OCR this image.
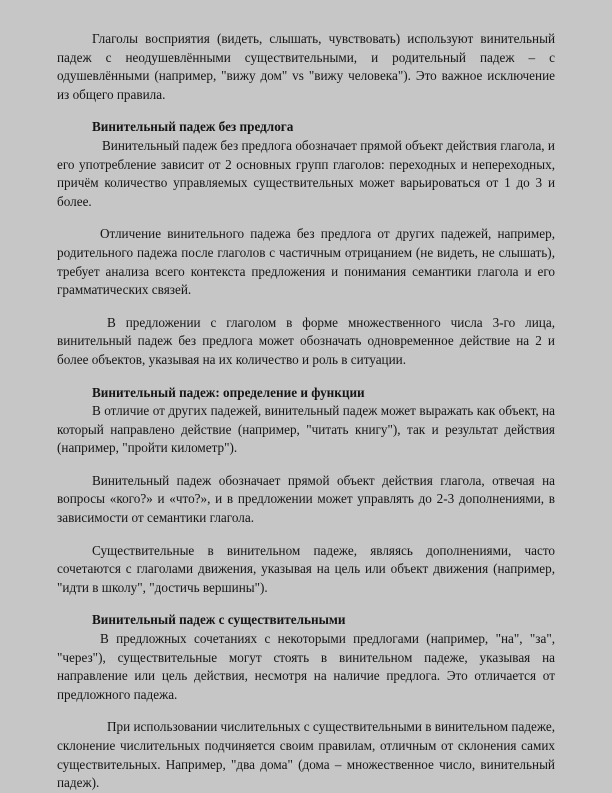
Глаголы восприятия (видеть, слышать, чувствовать) используют винительный падеж с неодушевлёнными существительными, и родительный падеж – с одушевлёнными (например, "вижу дом" vs "вижу человека"). Это важное исключение из общего правила.

Винительный падеж без предлога

Винительный падеж без предлога обозначает прямой объект действия глагола, и его употребление зависит от 2 основных групп глаголов: переходных и непереходных, причём количество управляемых существительных может варьироваться от 1 до 3 и более.

Отличение винительного падежа без предлога от других падежей, например, родительного падежа после глаголов с частичным отрицанием (не видеть, не слышать), требует анализа всего контекста предложения и понимания семантики глагола и его грамматических связей.

В предложении с глаголом в форме множественного числа 3-го лица, винительный падеж без предлога может обозначать одновременное действие на 2 и более объектов, указывая на их количество и роль в ситуации.

Винительный падеж: определение и функции

В отличие от других падежей, винительный падеж может выражать как объект, на который направлено действие (например, "читать книгу"), так и результат действия (например, "пройти километр").

Винительный падеж обозначает прямой объект действия глагола, отвечая на вопросы «кого?» и «что?», и в предложении может управлять до 2-3 дополнениями, в зависимости от семантики глагола.

Существительные в винительном падеже, являясь дополнениями, часто сочетаются с глаголами движения, указывая на цель или объект движения (например, "идти в школу", "достичь вершины").

Винительный падеж с существительными

В предложных сочетаниях с некоторыми предлогами (например, "на", "за", "через"), существительные могут стоять в винительном падеже, указывая на направление или цель действия, несмотря на наличие предлога. Это отличается от предложного падежа.

При использовании числительных с существительными в винительном падеже, склонение числительных подчиняется своим правилам, отличным от склонения самих существительных. Например, "два дома" (дома – множественное число, винительный падеж).
